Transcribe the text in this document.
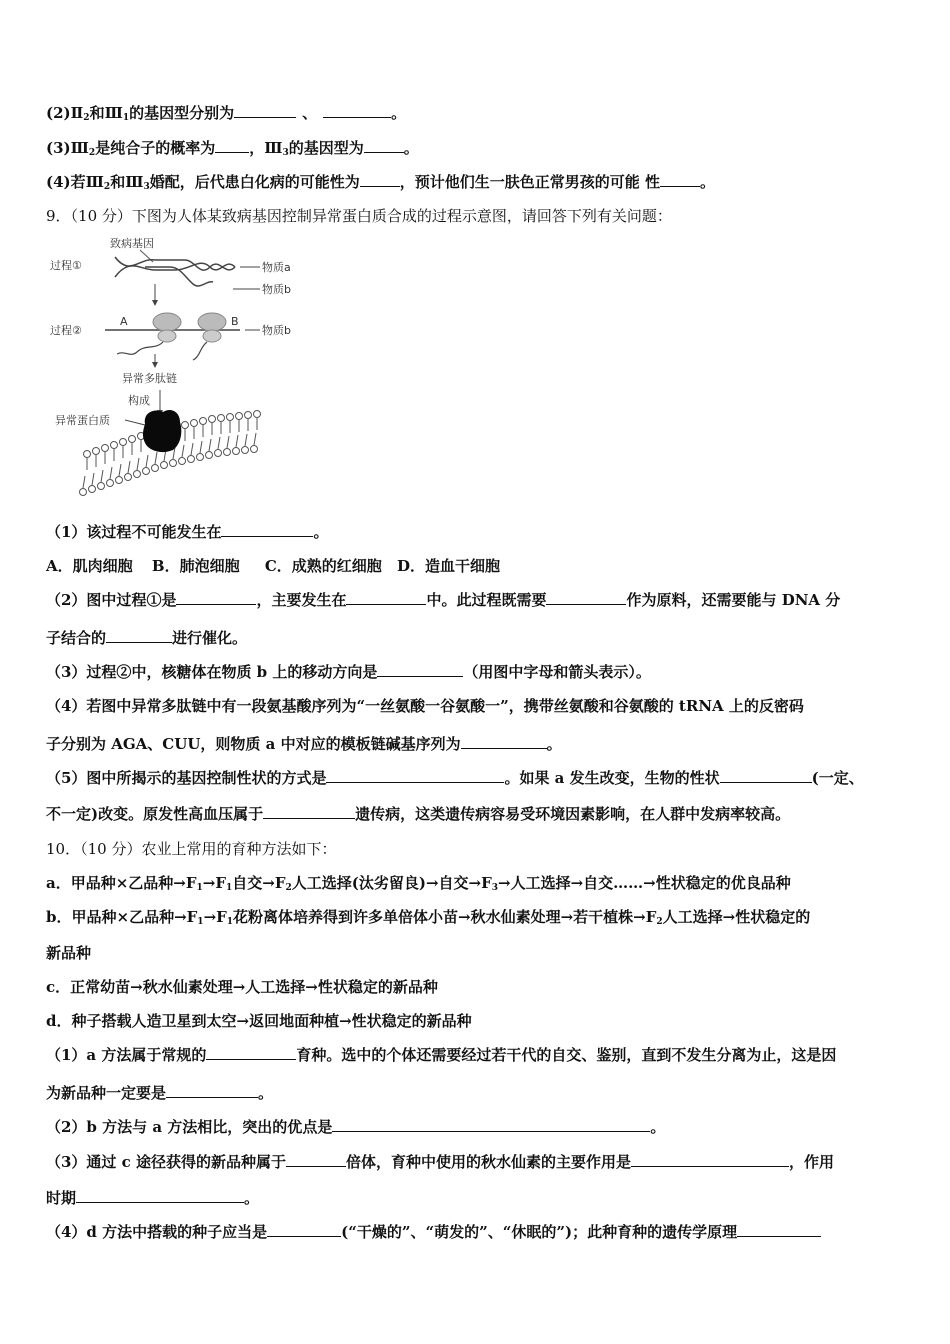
$(2)Ⅱ_2$和$Ⅲ_1$的基因型分别为	、	。
$(3)Ⅲ_2$是纯合子的概率为 ，$Ⅲ_3$的基因型为	。
(4)若$Ⅲ_2$和$Ⅲ_3$婚配，后代患白化病的可能性为	，预计他们生一肤色正常男孩的可能 性	。
9．（10 分）下图为人体某致病基因控制异常蛋白质合成的过程示意图，请回答下列有关问题：
致病基因
过程①	物质a
物质b
过程②
A	B
物质b
异常多肽链
构成
异常蛋白质
（1）该过程不可能发生在	。
A．肌肉细胞 B．肺泡细胞 C．成熟的红细胞 D．造血干细胞
（2）图中过程①是	，主要发生在	中。此过程既需要	作为原料，还需要能与 DNA 分
子结合的	进行催化。
（3）过程②中，核糖体在物质 b 上的移动方向是	（用图中字母和箭头表示）。
（4）若图中异常多肽链中有一段氨基酸序列为“一丝氨酸一谷氨酸一”，携带丝氨酸和谷氨酸的 tRNA 上的反密码
子分别为 AGA、CUU，则物质 a 中对应的模板链碱基序列为	。
（5）图中所揭示的基因控制性状的方式是	。如果 a 发生改变，生物的性状	(一定、
不一定)改变。原发性高血压属于	遗传病，这类遗传病容易受环境因素影响，在人群中发病率较高。
10．（10 分）农业上常用的育种方法如下：
a．甲品种×乙品种$\to F_1\to F_1$自交$\to F_2$人工选择(汰劣留良)→自交$\to F_3\to$人工选择→自交……→性状稳定的优良品种
b．甲品种×乙品种$\to F_1\to F_1$花粉离体培养得到许多单倍体小苗→秋水仙素处理→若干植株$\to F_2$人工选择→性状稳定的
新品种
c．正常幼苗→秋水仙素处理→人工选择→性状稳定的新品种
d．种子搭载人造卫星到太空→返回地面种植→性状稳定的新品种
（1）a 方法属于常规的	育种。选中的个体还需要经过若干代的自交、鉴别，直到不发生分离为止，这是因
为新品种一定要是	。
（2）b 方法与 a 方法相比，突出的优点是	。
（3）通过 c 途径获得的新品种属于	倍体，育种中使用的秋水仙素的主要作用是	，作用
时期	。
（4）d 方法中搭载的种子应当是	(“干燥的”、“萌发的”、“休眠的”)；此种育种的遗传学原理
